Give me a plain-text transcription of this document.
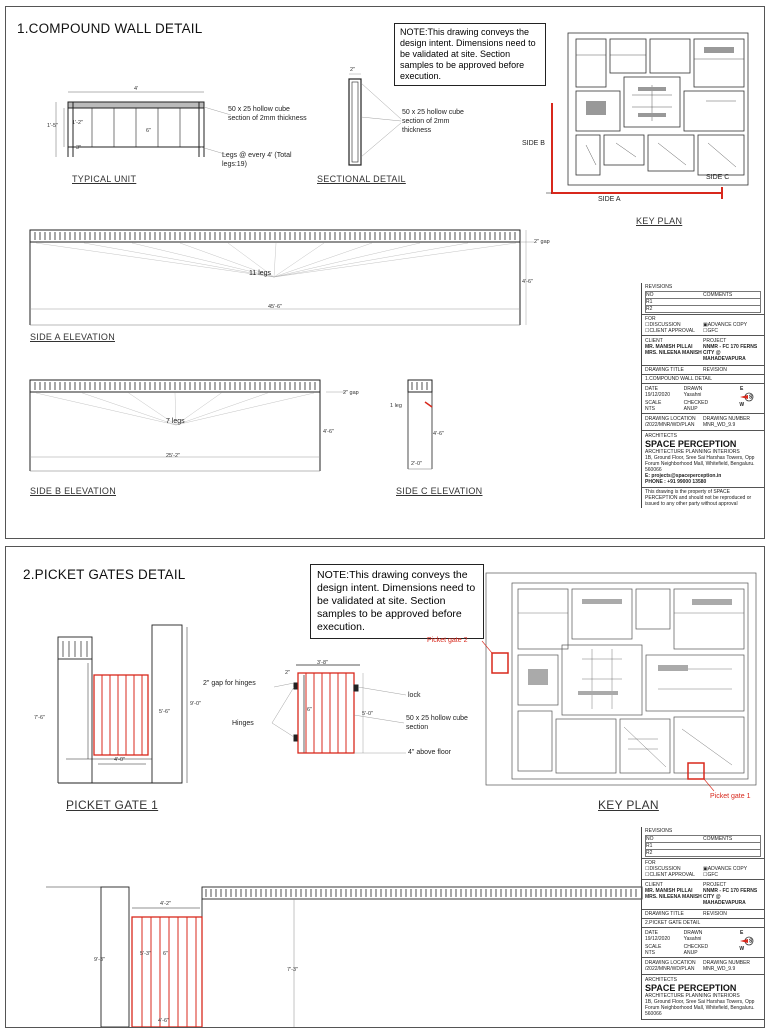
1.COMPOUND WALL DETAIL	NOTE:This drawing conveys the design intent. Dimensions need to be validated at site. Section samples to be approved before execution.
4'
1'-5"	1'-2"
6"
3"
50 x 25 hollow cube section of 2mm thickness
Legs @ every 4' (Total legs:19)
TYPICAL UNIT
2"
50 x 25 hollow cube section of 2mm thickness
SECTIONAL DETAIL
SIDE B
SIDE A
SIDE C
KEY PLAN
11 legs
45'-6"
2" gap
4'-6"
SIDE A ELEVATION
7 legs
25'-2"
2" gap
4'-6"
SIDE B ELEVATION
1 leg
2'-0"
4'-6"
SIDE C ELEVATION
REVISIONS
NO	COMMENTS
R1
R2
FOR
☐DISCUSSION	▣ADVANCE COPY
☐CLIENT APPROVAL	☐GFC
CLIENT
MR. MANISH PILLAI MRS. NILEENA MANISH
PROJECT
NNMR - FC 170 FERNS CITY @ MAHADEVAPURA
DRAWING TITLE	REVISION
1.COMPOUND WALL DETAIL
DATE
19/12/2020
SCALE
NTS
DRAWN
Yasahni
CHECKED
ANUP
E
S
W
DRAWING LOCATION
/2022/MNR/WD/PLAN
DRAWING NUMBER
MNR_WD_9.9
ARCHITECTS
SPACE PERCEPTION
ARCHITECTURE PLANNING INTERIORS
1B, Ground Floor, Sree Sai Harshas Towers, Opp Forum Neighborhood Mall, Whitefield, Bengaluru. 560066
E: projects@spaceperception.in
PHONE : +91 99000 13580
This drawing is the property of SPACE PERCEPTION and should not be reproduced or issued to any other party without approval
2.PICKET GATES DETAIL	NOTE:This drawing conveys the design intent. Dimensions need to be validated at site. Section samples to be approved before execution.
7'-6"
4'-0"
5'-6"
9'-0"
2" gap for hinges
Hinges
3'-8"
2"
6"
5'-0"
lock
50 x 25 hollow cube section
4" above floor
PICKET GATE 1
Picket gate 2
Picket gate 1
KEY PLAN
4'-2"
9'-3"
5'-3" 6"
7'-3"
4'-6"
REVISIONS
NO	COMMENTS
R1
R2
FOR
☐DISCUSSION	▣ADVANCE COPY
☐CLIENT APPROVAL	☐GFC
CLIENT
MR. MANISH PILLAI MRS. NILEENA MANISH
PROJECT
NNMR - FC 170 FERNS CITY @ MAHADEVAPURA
DRAWING TITLE	REVISION
2.PICKET GATE DETAIL
DATE
19/12/2020
SCALE
NTS
DRAWN
Yasahni
CHECKED
ANUP
E
S
W
DRAWING LOCATION
/2022/MNR/WD/PLAN
DRAWING NUMBER
MNR_WD_9.9
ARCHITECTS
SPACE PERCEPTION
ARCHITECTURE PLANNING INTERIORS
1B, Ground Floor, Sree Sai Harshas Towers, Opp Forum Neighborhood Mall, Whitefield, Bengaluru. 560066
